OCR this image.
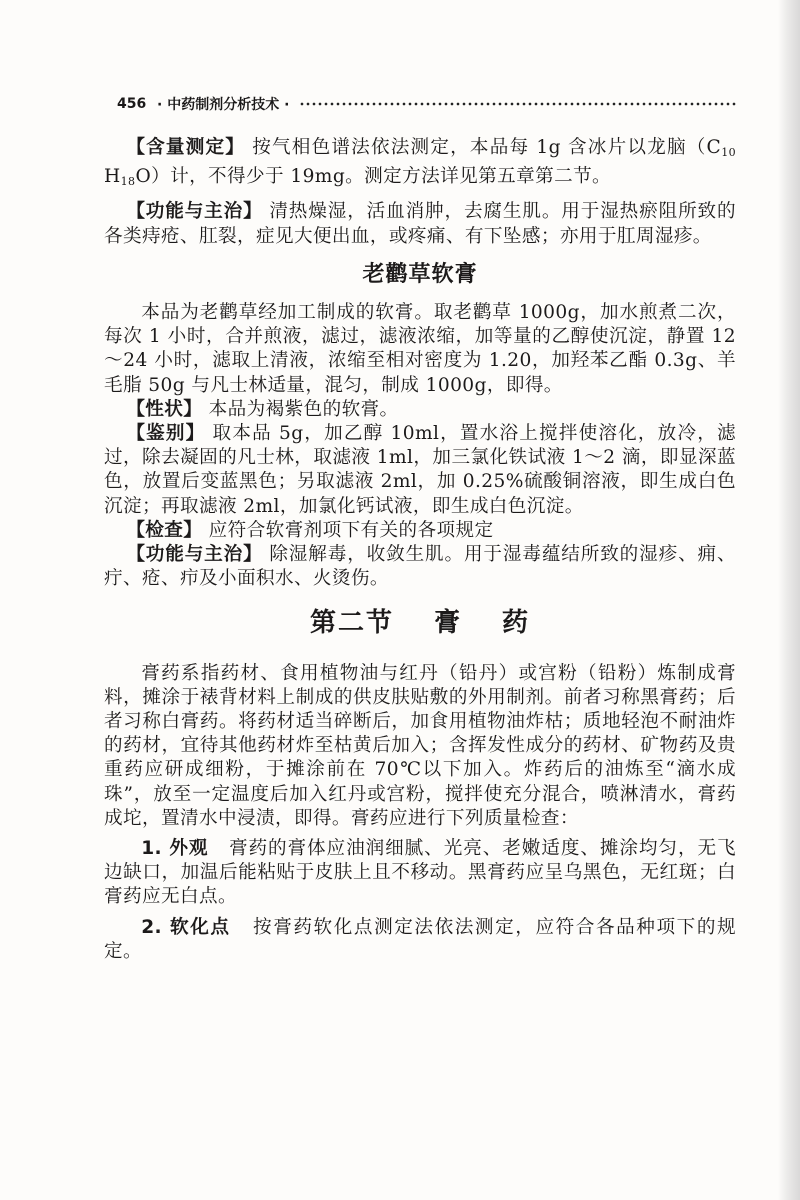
456 · 中药制剂分析技术 ·

【含量测定】 按气相色谱法依法测定，本品每 1g 含冰片以龙脑（$C_{10}$ $H_{18}O$）计，不得少于 19mg。测定方法详见第五章第二节。

【功能与主治】 清热燥湿，活血消肿，去腐生肌。用于湿热瘀阻所致的各类痔疮、肛裂，症见大便出血，或疼痛、有下坠感；亦用于肛周湿疹。

老鹳草软膏

本品为老鹳草经加工制成的软膏。取老鹳草 1000g，加水煎煮二次，每次 1 小时，合并煎液，滤过，滤液浓缩，加等量的乙醇使沉淀，静置 12～24 小时，滤取上清液，浓缩至相对密度为 1.20，加羟苯乙酯 0.3g、羊毛脂 50g 与凡士林适量，混匀，制成 1000g，即得。

【性状】 本品为褐紫色的软膏。

【鉴别】 取本品 5g，加乙醇 10ml，置水浴上搅拌使溶化，放冷，滤过，除去凝固的凡士林，取滤液 1ml，加三氯化铁试液 1～2 滴，即显深蓝色，放置后变蓝黑色；另取滤液 2ml，加 0.25%硫酸铜溶液，即生成白色沉淀；再取滤液 2ml，加氯化钙试液，即生成白色沉淀。

【检查】 应符合软膏剂项下有关的各项规定

【功能与主治】 除湿解毒，收敛生肌。用于湿毒蕴结所致的湿疹、痈、疔、疮、疖及小面积水、火烫伤。

第二节 膏 药

膏药系指药材、食用植物油与红丹（铅丹）或宫粉（铅粉）炼制成膏料，摊涂于裱背材料上制成的供皮肤贴敷的外用制剂。前者习称黑膏药；后者习称白膏药。将药材适当碎断后，加食用植物油炸枯；质地轻泡不耐油炸的药材，宜待其他药材炸至枯黄后加入；含挥发性成分的药材、矿物药及贵重药应研成细粉，于摊涂前在 70℃以下加入。炸药后的油炼至“滴水成珠”，放至一定温度后加入红丹或宫粉，搅拌使充分混合，喷淋清水，膏药成坨，置清水中浸渍，即得。膏药应进行下列质量检查：

1. 外观 膏药的膏体应油润细腻、光亮、老嫩适度、摊涂均匀，无飞边缺口，加温后能粘贴于皮肤上且不移动。黑膏药应呈乌黑色，无红斑；白膏药应无白点。

2. 软化点 按膏药软化点测定法依法测定，应符合各品种项下的规定。
